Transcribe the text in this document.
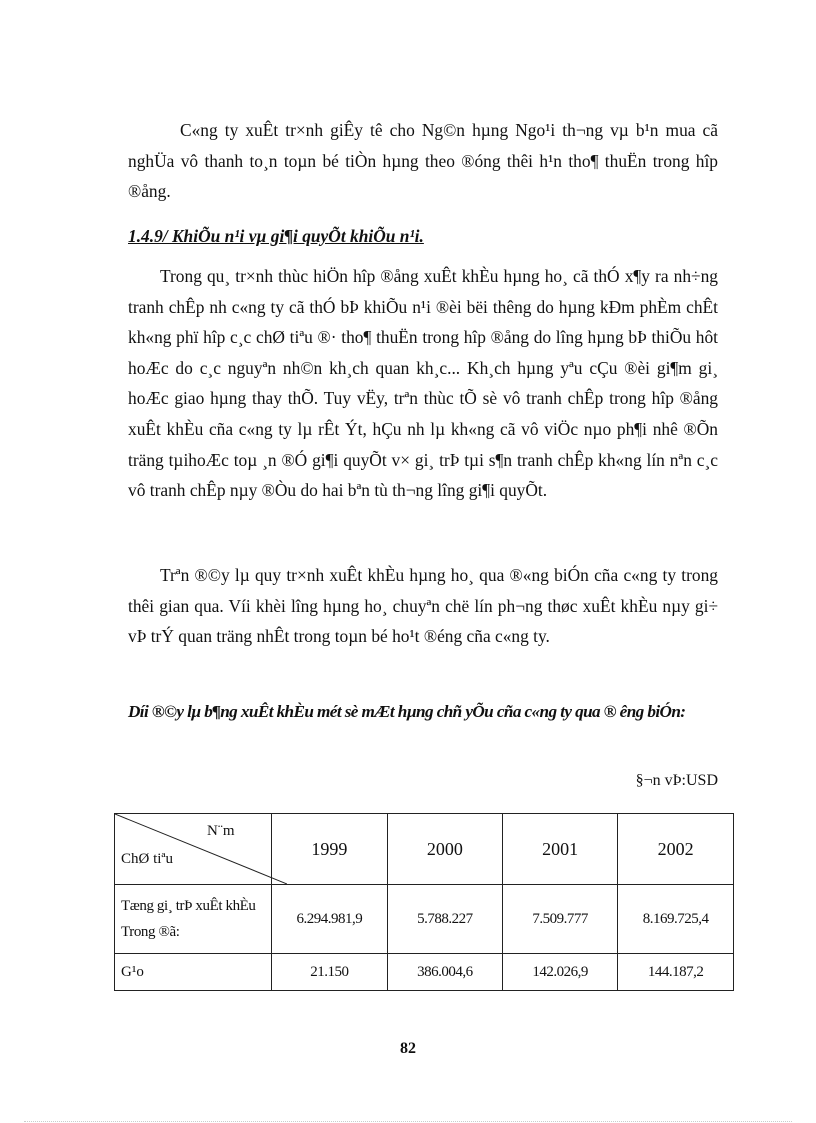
C«ng ty xuÊt tr×nh giÊy tê cho Ng©n hµng Ngo¹i th¬ng vµ b¹n mua cã nghÜa vô thanh to¸n toµn bé tiÒn hµng theo ®óng thêi h¹n tho¶ thuËn trong hîp ®ång.

1.4.9/ KhiÕu n¹i vµ gi¶i quyÕt khiÕu n¹i.

Trong qu¸ tr×nh thùc hiÖn hîp ®ång xuÊt khÈu hµng ho¸ cã thÓ x¶y ra nh÷ng tranh chÊp nh c«ng ty cã thÓ bÞ khiÕu n¹i ®èi bëi thêng do hµng kÐm phÈm chÊt kh«ng phï hîp c¸c chØ tiªu ®· tho¶ thuËn trong hîp ®ång do lîng hµng bÞ thiÕu hôt hoÆc do c¸c nguyªn nh©n kh¸ch quan kh¸c... Kh¸ch hµng yªu cÇu ®èi gi¶m gi¸ hoÆc giao hµng thay thÕ. Tuy vËy, trªn thùc tÕ sè vô tranh chÊp trong hîp ®ång xuÊt khÈu cña c«ng ty lµ rÊt Ýt, hÇu nh lµ kh«ng cã vô viÖc nµo ph¶i nhê ®Õn träng tµihoÆc toµ ¸n ®Ó gi¶i quyÕt v× gi¸ trÞ tµi s¶n tranh chÊp kh«ng lín nªn c¸c vô tranh chÊp nµy ®Òu do hai bªn tù th¬ng lîng gi¶i quyÕt.

Trªn ®©y lµ quy tr×nh xuÊt khÈu hµng ho¸ qua ®«ng biÓn cña c«ng ty trong thêi gian qua. Víi khèi lîng hµng ho¸ chuyªn chë lín ph¬ng thøc xuÊt khÈu nµy gi÷ vÞ trÝ quan träng nhÊt trong toµn bé ho¹t ®éng cña c«ng ty.

Díi ®©y lµ b¶ng xuÊt khÈu mét sè mÆt hµng chñ yÕu cña c«ng ty qua ® êng biÓn:

§¬n vÞ:USD

N¨m
ChØ tiªu	1999	2000	2001	2002

Tæng gi¸ trÞ xuÊt khÈu
Trong ®ã:	6.294.981,9	5.788.227	7.509.777	8.169.725,4
G¹o	21.150	386.004,6	142.026,9	144.187,2

82
